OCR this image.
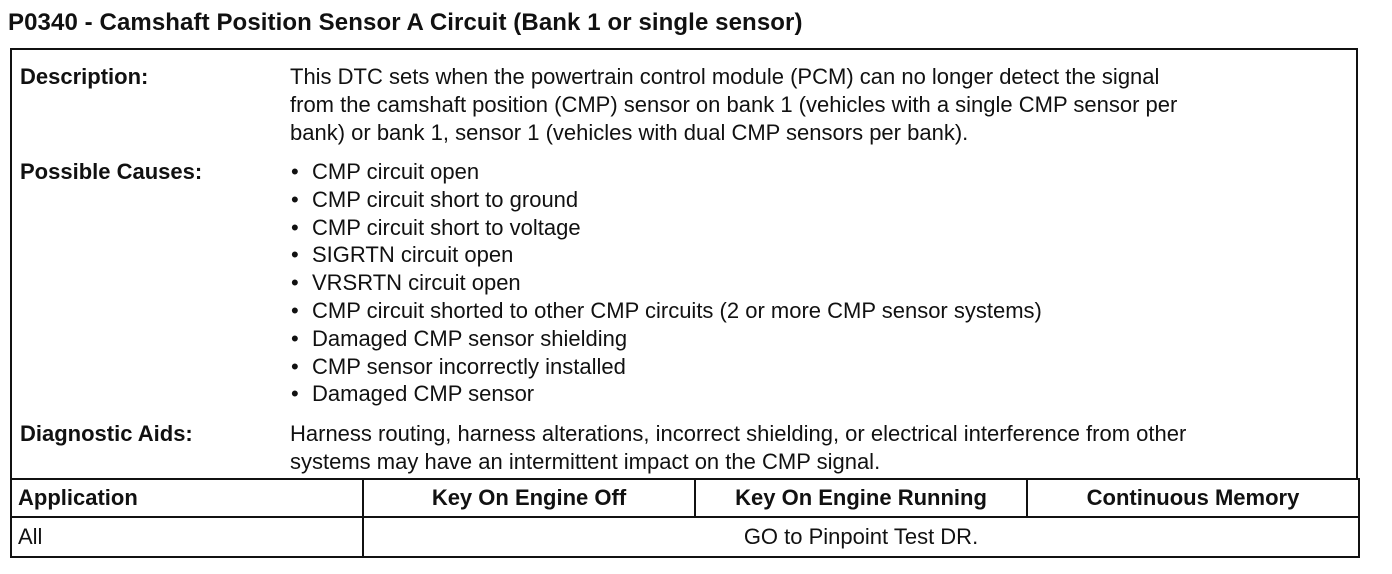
P0340 - Camshaft Position Sensor A Circuit (Bank 1 or single sensor)
Description:	This DTC sets when the powertrain control module (PCM) can no longer detect the signal

from the camshaft position (CMP) sensor on bank 1 (vehicles with a single CMP sensor per

bank) or bank 1, sensor 1 (vehicles with dual CMP sensors per bank).

Possible Causes:	• CMP circuit open
• CMP circuit short to ground
• CMP circuit short to voltage
• SIGRTN circuit open
• VRSRTN circuit open
• CMP circuit shorted to other CMP circuits (2 or more CMP sensor systems)
• Damaged CMP sensor shielding
• CMP sensor incorrectly installed
• Damaged CMP sensor
Diagnostic Aids:	Harness routing, harness alterations, incorrect shielding, or electrical interference from other

systems may have an intermittent impact on the CMP signal.

Application	Key On Engine Off	Key On Engine Running	Continuous Memory
All	GO to Pinpoint Test DR.		
